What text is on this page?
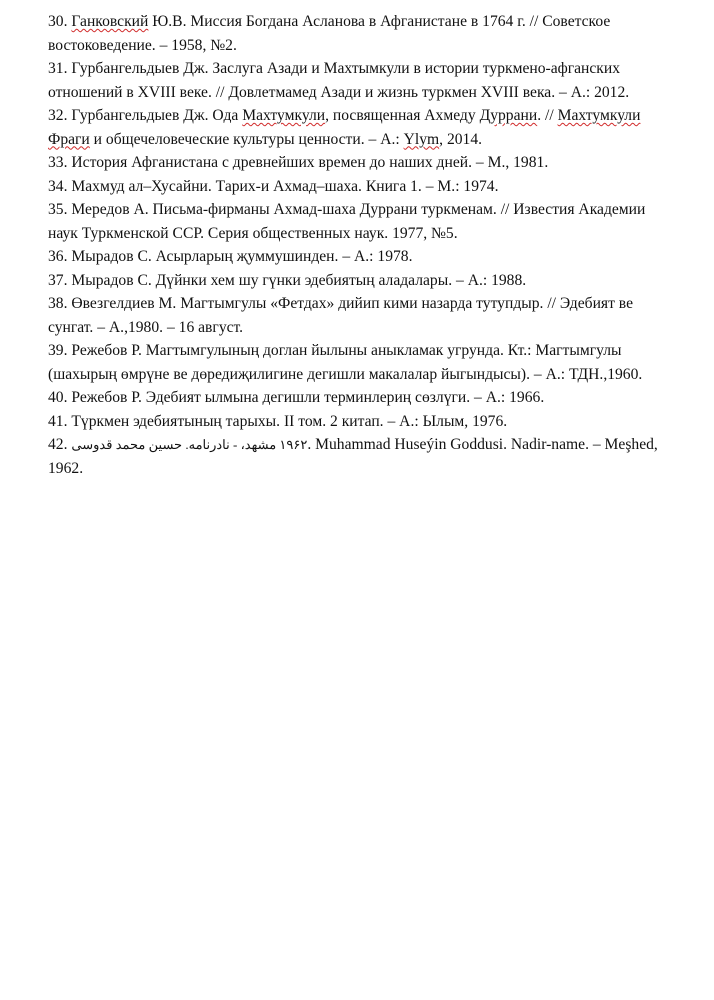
30. Ганковский Ю.В. Миссия Богдана Асланова в Афганистане в 1764 г. // Советское востоковедение. – 1958, №2.

31. Гурбангельдыев Дж. Заслуга Азади и Махтымкули в истории туркмено-афганских отношений в XVIII веке. // Довлетмамед Азади и жизнь туркмен XVIII века. – А.: 2012.

32. Гурбангельдыев Дж. Ода Махтумкули, посвященная Ахмеду Дуррани. // Махтумкули Фраги и общечеловеческие культуры ценности. – А.: Ylym, 2014.

33. История Афганистана с древнейших времен до наших дней. – М., 1981.

34. Махмуд ал–Хусайни. Тарих-и Ахмад–шаха. Книга 1. – М.: 1974.

35. Мередов А. Письма-фирманы Ахмад-шаха Дуррани туркменам. // Известия Академии наук Туркменской ССР. Серия общественных наук. 1977, №5.

36. Мырадов С. Асырларың җуммушинден. – А.: 1978.

37. Мырадов С. Дүйнки хем шу гүнки эдебиятың аладалары. – А.: 1988.

38. Өвезгелдиев М. Магтымгулы «Фетдах» дийип кими назарда тутупдыр. // Эдебият ве сунгат. – А.,1980. – 16 август.

39. Режебов Р. Магтымгулының доглан йылыны аныкламак угрунда. Кт.: Магтымгулы (шахырың өмрүне ве дөредиҗилигине дегишли макалалар йыгындысы). – А.: ТДН.,1960.

40. Режебов Р. Эдебият ылмына дегишли терминлериң сөзлүги. – А.: 1966.

41. Түркмен эдебиятының тарыхы. II том. 2 китап. – А.: Ылым, 1976.

42. ۱۹۶۲ مشهد، - نادرنامه. حسین محمد قدوسی. Muhammad Huseýin Goddusi. Nadir-name. – Meşhed, 1962.
